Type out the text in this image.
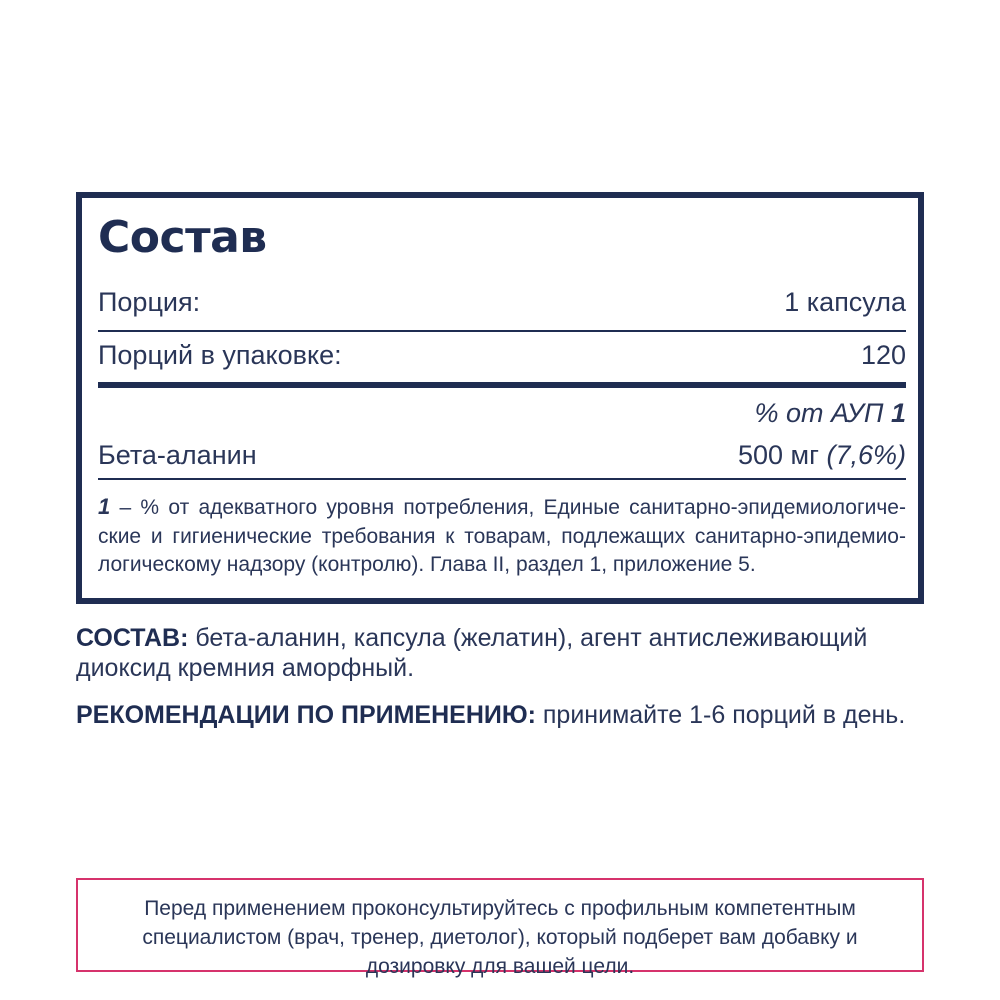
Состав
Порция:	1 капсула
Порций в упаковке:	120
% от АУП 1
Бета-аланин	500 мг (7,6%)
1 – % от адекватного уровня потребления, Единые санитарно-эпидемиологические и гигиенические требования к товарам, подлежащих санитарно-эпидемиологическому надзору (контролю). Глава II, раздел 1, приложение 5.
СОСТАВ: бета-аланин, капсула (желатин), агент антислеживающий диоксид кремния аморфный.
РЕКОМЕНДАЦИИ ПО ПРИМЕНЕНИЮ: принимайте 1-6 порций в день.
Перед применением проконсультируйтесь с профильным компетентным специалистом (врач, тренер, диетолог), который подберет вам добавку и дозировку для вашей цели.
